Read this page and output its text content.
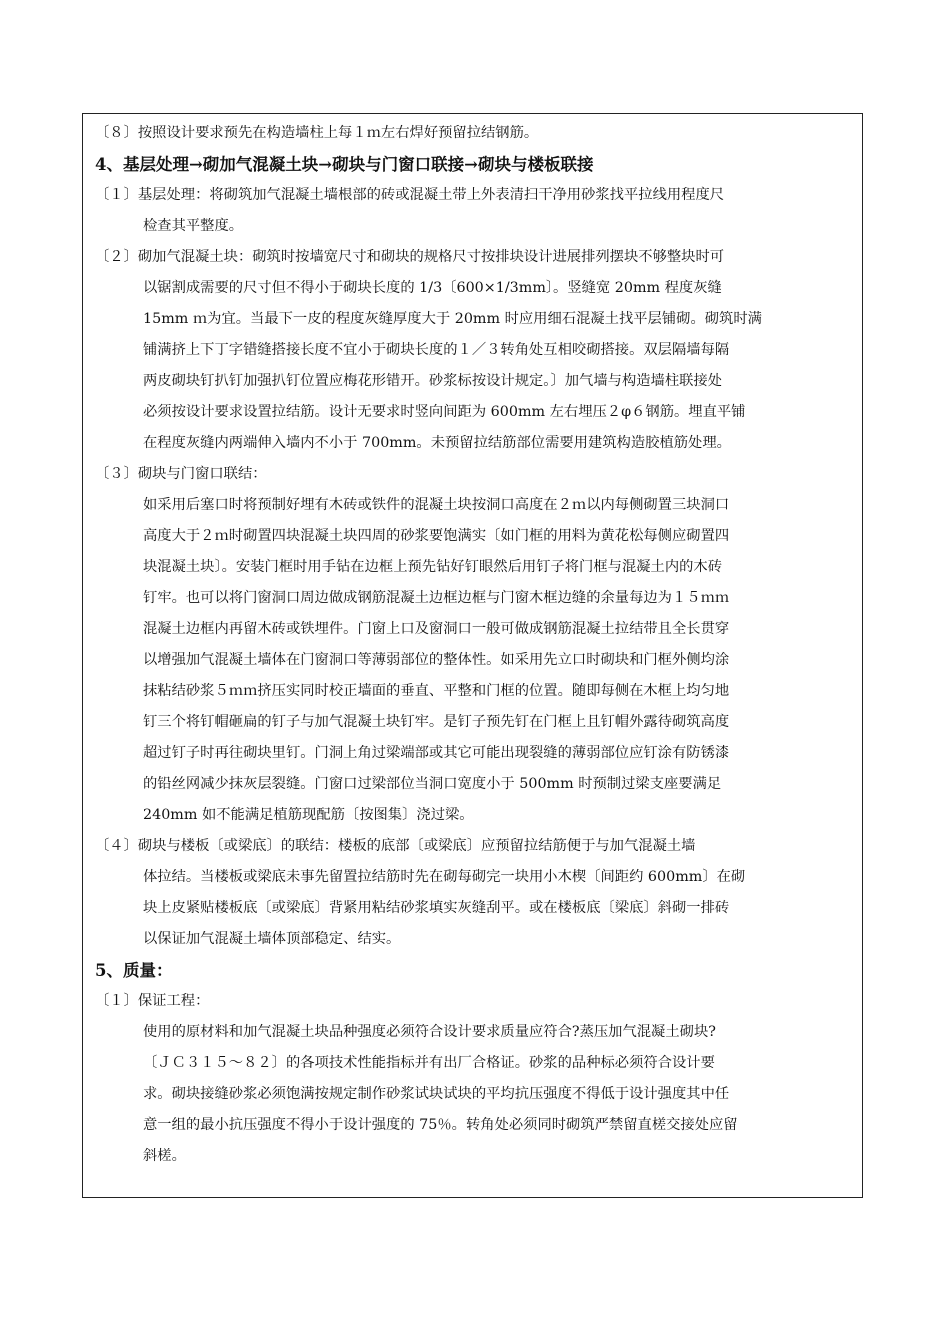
〔８〕按照设计要求预先在构造墙柱上每１ｍ左右焊好预留拉结钢筋。
4、基层处理→砌加气混凝土块→砌块与门窗口联接→砌块与楼板联接
〔１〕基层处理：将砌筑加气混凝土墙根部的砖或混凝土带上外表清扫干净用砂浆找平拉线用程度尺
检查其平整度。
〔２〕砌加气混凝土块：砌筑时按墙宽尺寸和砌块的规格尺寸按排块设计进展排列摆块不够整块时可
以锯割成需要的尺寸但不得小于砌块长度的 1/3〔600×1/3mm〕。竖缝宽 20mm 程度灰缝
15mm ｍ为宜。当最下一皮的程度灰缝厚度大于 20mm 时应用细石混凝土找平层铺砌。砌筑时满
铺满挤上下丁字错缝搭接长度不宜小于砌块长度的１／３转角处互相咬砌搭接。双层隔墙每隔
两皮砌块钉扒钉加强扒钉位置应梅花形错开。砂浆标按设计规定。〕加气墙与构造墙柱联接处
必须按设计要求设置拉结筋。设计无要求时竖向间距为 600mm 左右埋压２φ６钢筋。埋直平铺
在程度灰缝内两端伸入墙内不小于 700mm。未预留拉结筋部位需要用建筑构造胶植筋处理。
〔３〕砌块与门窗口联结：
如采用后塞口时将预制好埋有木砖或铁件的混凝土块按洞口高度在２ｍ以内每侧砌置三块洞口
高度大于２ｍ时砌置四块混凝土块四周的砂浆要饱满实〔如门框的用料为黄花松每侧应砌置四
块混凝土块〕。安装门框时用手钻在边框上预先钻好钉眼然后用钉子将门框与混凝土内的木砖
钉牢。也可以将门窗洞口周边做成钢筋混凝土边框边框与门窗木框边缝的余量每边为１５ｍｍ
混凝土边框内再留木砖或铁埋件。门窗上口及窗洞口一般可做成钢筋混凝土拉结带且全长贯穿
以增强加气混凝土墙体在门窗洞口等薄弱部位的整体性。如采用先立口时砌块和门框外侧均涂
抹粘结砂浆５ｍｍ挤压实同时校正墙面的垂直、平整和门框的位置。随即每侧在木框上均匀地
钉三个将钉帽砸扁的钉子与加气混凝土块钉牢。是钉子预先钉在门框上且钉帽外露待砌筑高度
超过钉子时再往砌块里钉。门洞上角过梁端部或其它可能出现裂缝的薄弱部位应钉涂有防锈漆
的铅丝网减少抹灰层裂缝。门窗口过梁部位当洞口宽度小于 500mm 时预制过梁支座要满足
240mm 如不能满足植筋现配筋〔按图集〕浇过梁。
〔４〕砌块与楼板〔或梁底〕的联结：楼板的底部〔或梁底〕应预留拉结筋便于与加气混凝土墙
体拉结。当楼板或梁底未事先留置拉结筋时先在砌每砌完一块用小木楔〔间距约 600mm〕在砌
块上皮紧贴楼板底〔或梁底〕背紧用粘结砂浆填实灰缝刮平。或在楼板底〔梁底〕斜砌一排砖
以保证加气混凝土墙体顶部稳定、结实。
5、质量：
〔１〕保证工程：
使用的原材料和加气混凝土块品种强度必须符合设计要求质量应符合?蒸压加气混凝土砌块?
〔ＪＣ３１５～８２〕的各项技术性能指标并有出厂合格证。砂浆的品种标必须符合设计要
求。砌块接缝砂浆必须饱满按规定制作砂浆试块试块的平均抗压强度不得低于设计强度其中任
意一组的最小抗压强度不得小于设计强度的 75％。转角处必须同时砌筑严禁留直槎交接处应留
斜槎。
